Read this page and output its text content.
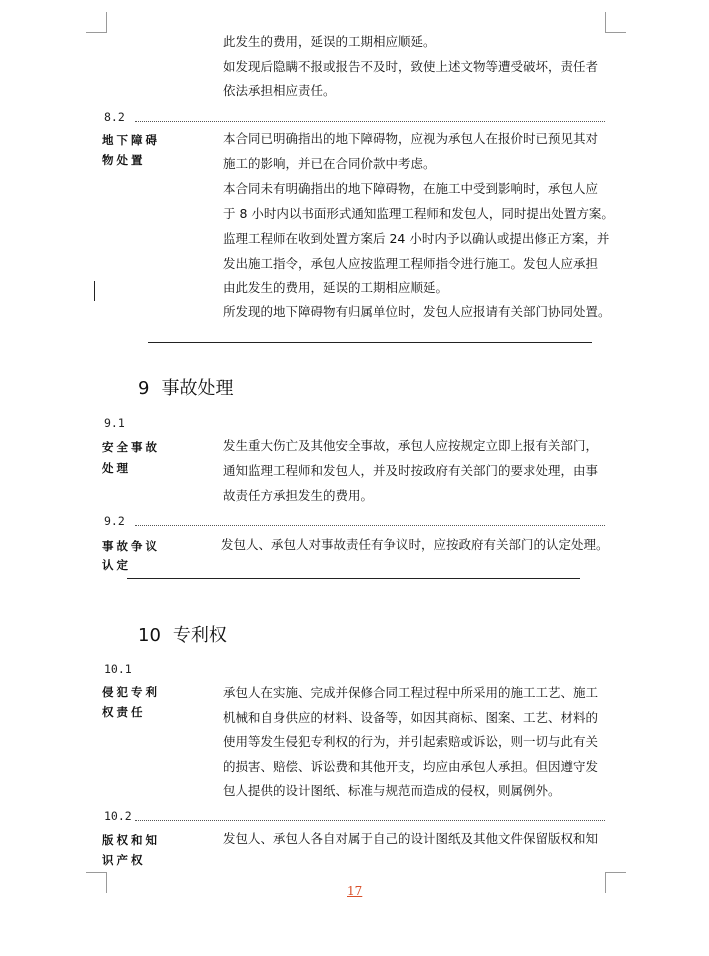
此发生的费用，延误的工期相应顺延。
如发现后隐瞒不报或报告不及时，致使上述文物等遭受破坏，责任者
依法承担相应责任。
8.2
地下障碍
物处置
本合同已明确指出的地下障碍物，应视为承包人在报价时已预见其对
施工的影响，并已在合同价款中考虑。
本合同未有明确指出的地下障碍物，在施工中受到影响时，承包人应
于 8 小时内以书面形式通知监理工程师和发包人，同时提出处置方案。
监理工程师在收到处置方案后 24 小时内予以确认或提出修正方案，并
发出施工指令，承包人应按监理工程师指令进行施工。发包人应承担
由此发生的费用，延误的工期相应顺延。
所发现的地下障碍物有归属单位时，发包人应报请有关部门协同处置。
9 事故处理
9.1
安全事故
处理
发生重大伤亡及其他安全事故，承包人应按规定立即上报有关部门，
通知监理工程师和发包人，并及时按政府有关部门的要求处理，由事
故责任方承担发生的费用。
9.2
事故争议
认定
发包人、承包人对事故责任有争议时，应按政府有关部门的认定处理。
10 专利权
10.1
侵犯专利
权责任
承包人在实施、完成并保修合同工程过程中所采用的施工工艺、施工
机械和自身供应的材料、设备等，如因其商标、图案、工艺、材料的
使用等发生侵犯专利权的行为，并引起索赔或诉讼，则一切与此有关
的损害、赔偿、诉讼费和其他开支，均应由承包人承担。但因遵守发
包人提供的设计图纸、标准与规范而造成的侵权，则属例外。
10.2
版权和知
识产权
发包人、承包人各自对属于自己的设计图纸及其他文件保留版权和知
17
